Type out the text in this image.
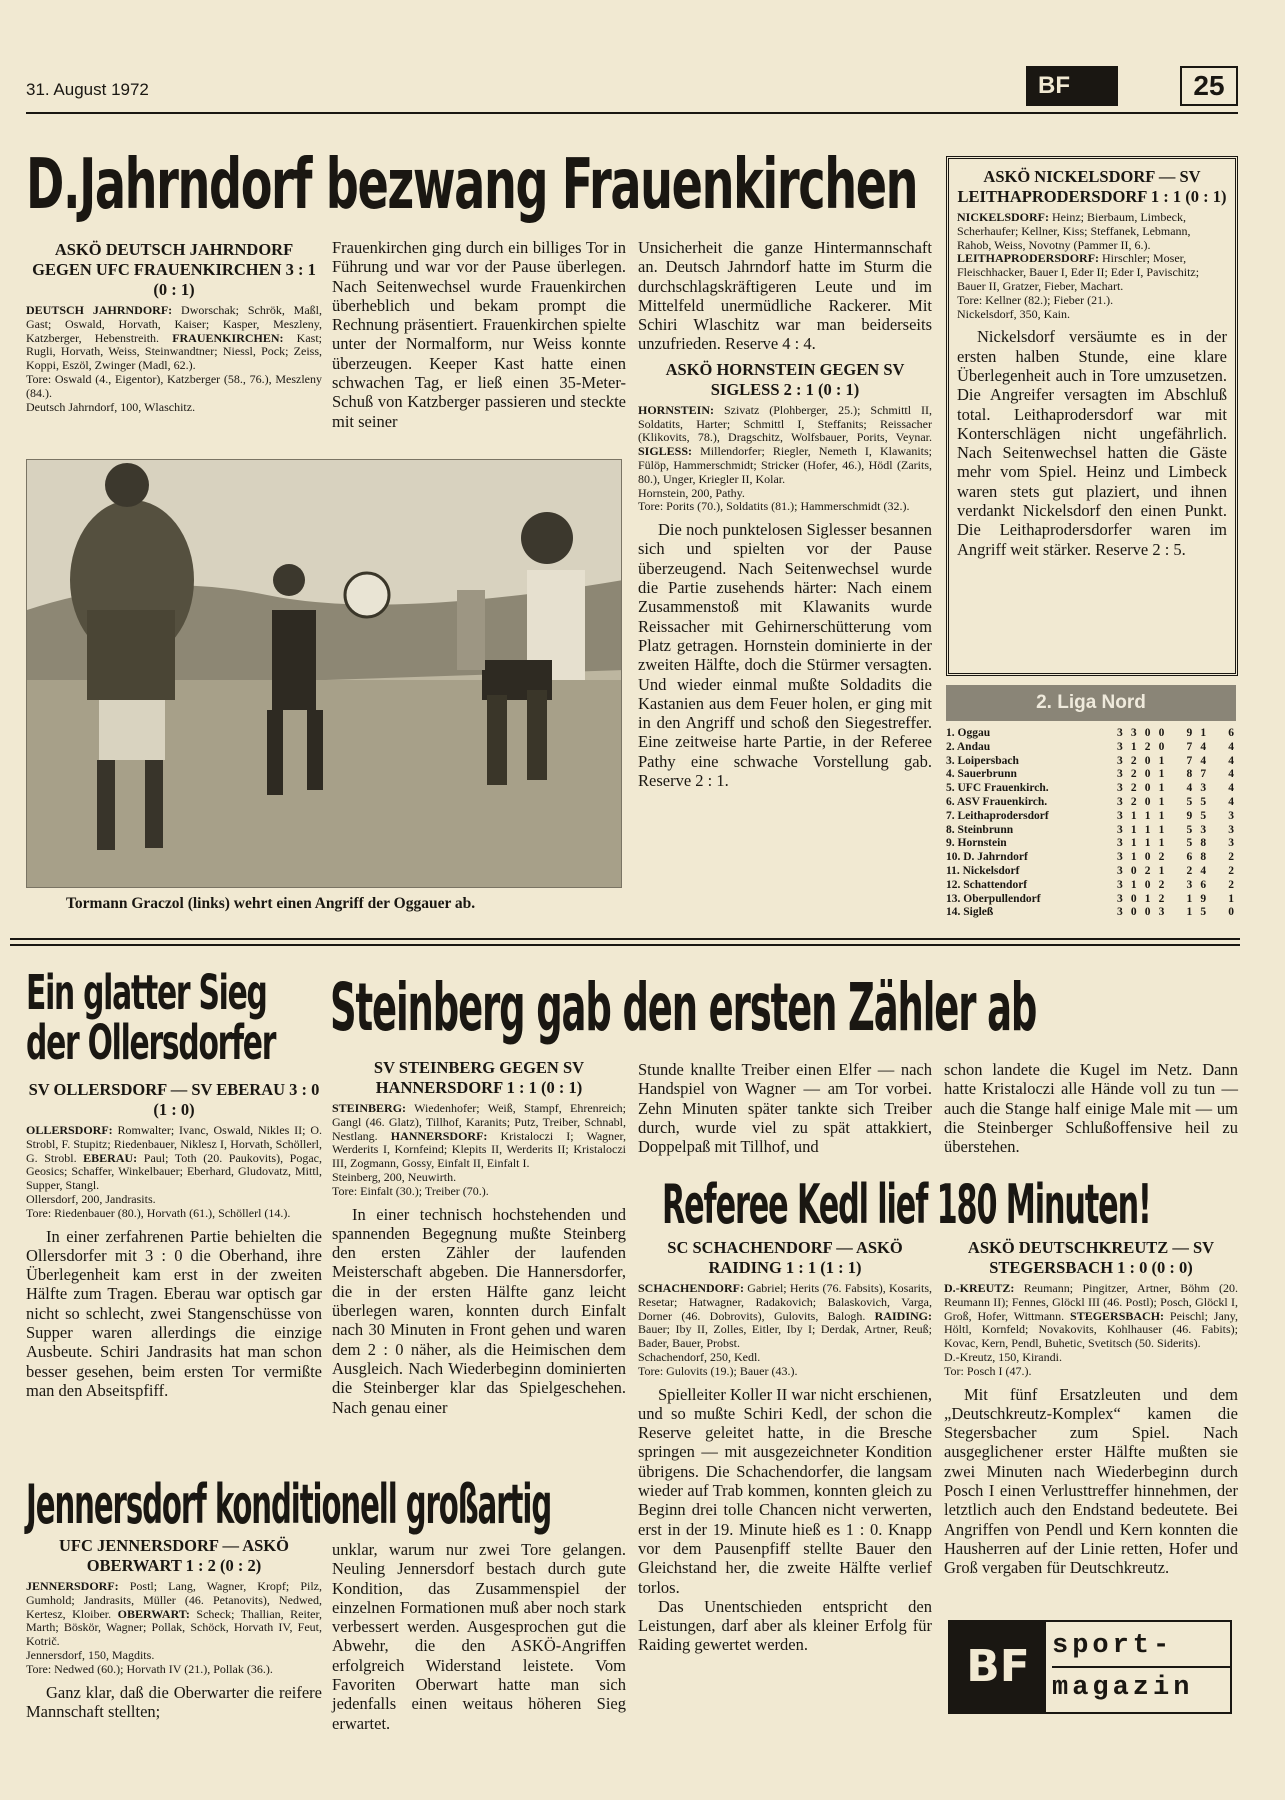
31. August 1972	BF	25
D.Jahrndorf bezwang Frauenkirchen
ASKÖ DEUTSCH JAHRNDORF GEGEN UFC FRAUENKIRCHEN 3 : 1 (0 : 1)
DEUTSCH JAHRNDORF: Dworschak; Schrök, Maßl, Gast; Oswald, Horvath, Kaiser; Kasper, Meszleny, Katzberger, Hebenstreith. FRAUENKIRCHEN: Kast; Rugli, Horvath, Weiss, Steinwandtner; Niessl, Pock; Zeiss, Koppi, Eszöl, Zwinger (Madl, 62.).
Tore: Oswald (4., Eigentor), Katzberger (58., 76.), Meszleny (84.).
Deutsch Jahrndorf, 100, Wlaschitz.
Frauenkirchen ging durch ein billiges Tor in Führung und war vor der Pause überlegen. Nach Seitenwechsel wurde Frauenkirchen überheblich und bekam prompt die Rechnung präsentiert. Frauenkirchen spielte unter der Normalform, nur Weiss konnte überzeugen. Keeper Kast hatte einen schwachen Tag, er ließ einen 35-Meter-Schuß von Katzberger passieren und steckte mit seiner

Unsicherheit die ganze Hintermannschaft an. Deutsch Jahrndorf hatte im Sturm die durchschlagskräftigeren Leute und im Mittelfeld unermüdliche Rackerer. Mit Schiri Wlaschitz war man beiderseits unzufrieden. Reserve 4 : 4.

ASKÖ HORNSTEIN GEGEN SV SIGLESS 2 : 1 (0 : 1)
HORNSTEIN: Szivatz (Plohberger, 25.); Schmittl II, Soldatits, Harter; Schmittl I, Steffanits; Reissacher (Klikovits, 78.), Dragschitz, Wolfsbauer, Porits, Veynar. SIGLESS: Millendorfer; Riegler, Nemeth I, Klawanits; Fülöp, Hammerschmidt; Stricker (Hofer, 46.), Hödl (Zarits, 80.), Unger, Kriegler II, Kolar.
Hornstein, 200, Pathy.
Tore: Porits (70.), Soldatits (81.); Hammerschmidt (32.).

Die noch punktelosen Siglesser besannen sich und spielten vor der Pause überzeugend. Nach Seitenwechsel wurde die Partie zusehends härter: Nach einem Zusammenstoß mit Klawanits wurde Reissacher mit Gehirnerschütterung vom Platz getragen. Hornstein dominierte in der zweiten Hälfte, doch die Stürmer versagten. Und wieder einmal mußte Soldadits die Kastanien aus dem Feuer holen, er ging mit in den Angriff und schoß den Siegestreffer. Eine zeitweise harte Partie, in der Referee Pathy eine schwache Vorstellung gab. Reserve 2 : 1.

Tormann Graczol (links) wehrt einen Angriff der Oggauer ab.
ASKÖ NICKELSDORF — SV LEITHAPRODERSDORF 1 : 1 (0 : 1)
NICKELSDORF: Heinz; Bierbaum, Limbeck, Scherhaufer; Kellner, Kiss; Steffanek, Lebmann, Rahob, Weiss, Novotny (Pammer II, 6.). LEITHAPRODERSDORF: Hirschler; Moser, Fleischhacker, Bauer I, Eder II; Eder I, Pavischitz; Bauer II, Gratzer, Fieber, Machart.
Tore: Kellner (82.); Fieber (21.).
Nickelsdorf, 350, Kain.

Nickelsdorf versäumte es in der ersten halben Stunde, eine klare Überlegenheit auch in Tore umzusetzen. Die Angreifer versagten im Abschluß total. Leithaprodersdorf war mit Konterschlägen nicht ungefährlich. Nach Seitenwechsel hatten die Gäste mehr vom Spiel. Heinz und Limbeck waren stets gut plaziert, und ihnen verdankt Nickelsdorf den einen Punkt. Die Leithaprodersdorfer waren im Angriff weit stärker. Reserve 2 : 5.

2. Liga Nord
1. Oggau	3 3 0 0	9 1	6
2. Andau	3 1 2 0	7 4	4
3. Loipersbach	3 2 0 1	7 4	4
4. Sauerbrunn	3 2 0 1	8 7	4
5. UFC Frauenkirch.	3 2 0 1	4 3	4
6. ASV Frauenkirch.	3 2 0 1	5 5	4
7. Leithaprodersdorf	3 1 1 1	9 5	3
8. Steinbrunn	3 1 1 1	5 3	3
9. Hornstein	3 1 1 1	5 8	3
10. D. Jahrndorf	3 1 0 2	6 8	2
11. Nickelsdorf	3 0 2 1	2 4	2
12. Schattendorf	3 1 0 2	3 6	2
13. Oberpullendorf	3 0 1 2	1 9	1
14. Sigleß	3 0 0 3	1 5	0
Ein glatter Sieg
der Ollersdorfer
SV OLLERSDORF — SV EBERAU 3 : 0 (1 : 0)
OLLERSDORF: Romwalter; Ivanc, Oswald, Nikles II; O. Strobl, F. Stupitz; Riedenbauer, Niklesz I, Horvath, Schöllerl, G. Strobl. EBERAU: Paul; Toth (20. Paukovits), Pogac, Geosics; Schaffer, Winkelbauer; Eberhard, Gludovatz, Mittl, Supper, Stangl.
Ollersdorf, 200, Jandrasits.
Tore: Riedenbauer (80.), Horvath (61.), Schöllerl (14.).

In einer zerfahrenen Partie behielten die Ollersdorfer mit 3 : 0 die Oberhand, ihre Überlegenheit kam erst in der zweiten Hälfte zum Tragen. Eberau war optisch gar nicht so schlecht, zwei Stangenschüsse von Supper waren allerdings die einzige Ausbeute. Schiri Jandrasits hat man schon besser gesehen, beim ersten Tor vermißte man den Abseitspfiff.

Steinberg gab den ersten Zähler ab
SV STEINBERG GEGEN SV HANNERSDORF 1 : 1 (0 : 1)
STEINBERG: Wiedenhofer; Weiß, Stampf, Ehrenreich; Gangl (46. Glatz), Tillhof, Karanits; Putz, Treiber, Schnabl, Nestlang. HANNERSDORF: Kristaloczi I; Wagner, Werderits I, Kornfeind; Klepits II, Werderits II; Kristaloczi III, Zogmann, Gossy, Einfalt II, Einfalt I.
Steinberg, 200, Neuwirth.
Tore: Einfalt (30.); Treiber (70.).

In einer technisch hochstehenden und spannenden Begegnung mußte Steinberg den ersten Zähler der laufenden Meisterschaft abgeben. Die Hannersdorfer, die in der ersten Hälfte ganz leicht überlegen waren, konnten durch Einfalt nach 30 Minuten in Front gehen und waren dem 2 : 0 näher, als die Heimischen dem Ausgleich. Nach Wiederbeginn dominierten die Steinberger klar das Spielgeschehen. Nach genau einer

Stunde knallte Treiber einen Elfer — nach Handspiel von Wagner — am Tor vorbei. Zehn Minuten später tankte sich Treiber durch, wurde viel zu spät attakkiert, Doppelpaß mit Tillhof, und
schon landete die Kugel im Netz. Dann hatte Kristaloczi alle Hände voll zu tun — auch die Stange half einige Male mit — um die Steinberger Schlußoffensive heil zu überstehen.
Jennersdorf konditionell großartig
UFC JENNERSDORF — ASKÖ OBERWART 1 : 2 (0 : 2)
JENNERSDORF: Postl; Lang, Wagner, Kropf; Pilz, Gumhold; Jandrasits, Müller (46. Petanovits), Nedwed, Kertesz, Kloiber. OBERWART: Scheck; Thallian, Reiter, Marth; Böskör, Wagner; Pollak, Schöck, Horvath IV, Feut, Kotrič.
Jennersdorf, 150, Magdits.
Tore: Nedwed (60.); Horvath IV (21.), Pollak (36.).

Ganz klar, daß die Oberwarter die reifere Mannschaft stellten;

unklar, warum nur zwei Tore gelangen. Neuling Jennersdorf bestach durch gute Kondition, das Zusammenspiel der einzelnen Formationen muß aber noch stark verbessert werden. Ausgesprochen gut die Abwehr, die den ASKÖ-Angriffen erfolgreich Widerstand leistete. Vom Favoriten Oberwart hatte man sich jedenfalls einen weitaus höheren Sieg erwartet.
Referee Kedl lief 180 Minuten!
SC SCHACHENDORF — ASKÖ RAIDING 1 : 1 (1 : 1)
SCHACHENDORF: Gabriel; Herits (76. Fabsits), Kosarits, Resetar; Hatwagner, Radakovich; Balaskovich, Varga, Dorner (46. Dobrovits), Gulovits, Balogh. RAIDING: Bauer; Iby II, Zolles, Eitler, Iby I; Derdak, Artner, Reuß; Bader, Bauer, Probst.
Schachendorf, 250, Kedl.
Tore: Gulovits (19.); Bauer (43.).

Spielleiter Koller II war nicht erschienen, und so mußte Schiri Kedl, der schon die Reserve geleitet hatte, in die Bresche springen — mit ausgezeichneter Kondition übrigens. Die Schachendorfer, die langsam wieder auf Trab kommen, konnten gleich zu Beginn drei tolle Chancen nicht verwerten, erst in der 19. Minute hieß es 1 : 0. Knapp vor dem Pausenpfiff stellte Bauer den Gleichstand her, die zweite Hälfte verlief torlos.

Das Unentschieden entspricht den Leistungen, darf aber als kleiner Erfolg für Raiding gewertet werden.

ASKÖ DEUTSCHKREUTZ — SV STEGERSBACH 1 : 0 (0 : 0)
D.-KREUTZ: Reumann; Pingitzer, Artner, Böhm (20. Reumann II); Fennes, Glöckl III (46. Postl); Posch, Glöckl I, Groß, Hofer, Wittmann. STEGERSBACH: Peischl; Jany, Höltl, Kornfeld; Novakovits, Kohlhauser (46. Fabits); Kovac, Kern, Pendl, Buhetic, Svetitsch (50. Siderits).
D.-Kreutz, 150, Kirandi.
Tor: Posch I (47.).

Mit fünf Ersatzleuten und dem „Deutschkreutz-Komplex“ kamen die Stegersbacher zum Spiel. Nach ausgeglichener erster Hälfte mußten sie zwei Minuten nach Wiederbeginn durch Posch I einen Verlusttreffer hinnehmen, der letztlich auch den Endstand bedeutete. Bei Angriffen von Pendl und Kern konnten die Hausherren auf der Linie retten, Hofer und Groß vergaben für Deutschkreutz.

BF sport-
magazin
